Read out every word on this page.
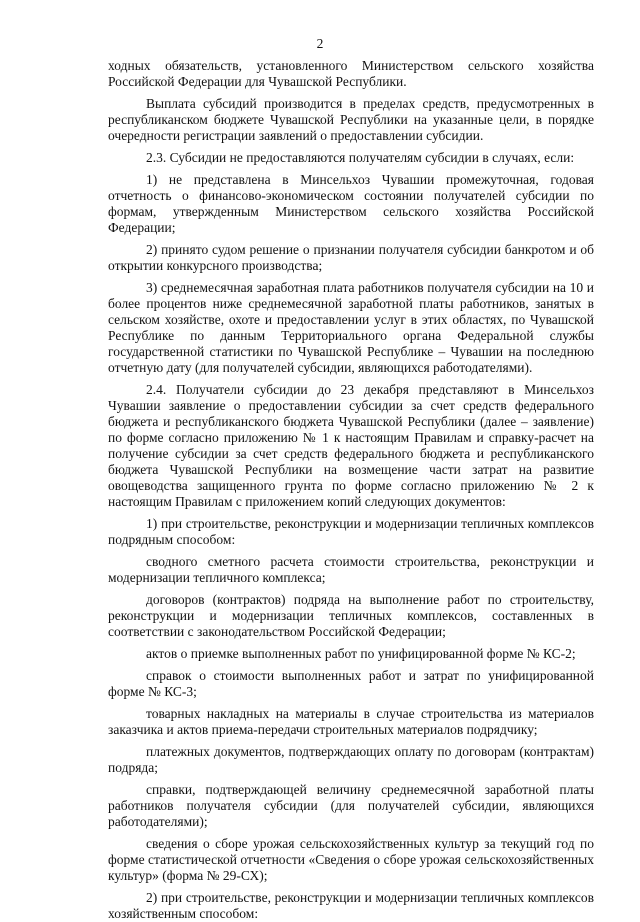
2

ходных обязательств, установленного Министерством сельского хозяйства Российской Федерации для Чувашской Республики.

Выплата субсидий производится в пределах средств, предусмотренных в республиканском бюджете Чувашской Республики на указанные цели, в порядке очередности регистрации заявлений о предоставлении субсидии.

2.3. Субсидии не предоставляются получателям субсидии в случаях, если:

1) не представлена в Минсельхоз Чувашии промежуточная, годовая отчетность о финансово-экономическом состоянии получателей субсидии по формам, утвержденным Министерством сельского хозяйства Российской Федерации;

2) принято судом решение о признании получателя субсидии банкротом и об открытии конкурсного производства;

3) среднемесячная заработная плата работников получателя субсидии на 10 и более процентов ниже среднемесячной заработной платы работников, занятых в сельском хозяйстве, охоте и предоставлении услуг в этих областях, по Чувашской Республике по данным Территориального органа Федеральной службы государственной статистики по Чувашской Республике – Чувашии на последнюю отчетную дату (для получателей субсидии, являющихся работодателями).

2.4. Получатели субсидии до 23 декабря представляют в Минсельхоз Чувашии заявление о предоставлении субсидии за счет средств федерального бюджета и республиканского бюджета Чувашской Республики (далее – заявление) по форме согласно приложению № 1 к настоящим Правилам и справку-расчет на получение субсидии за счет средств федерального бюджета и республиканского бюджета Чувашской Республики на возмещение части затрат на развитие овощеводства защищенного грунта по форме согласно приложению № 2 к настоящим Правилам с приложением копий следующих документов:

1) при строительстве, реконструкции и модернизации тепличных комплексов подрядным способом:

сводного сметного расчета стоимости строительства, реконструкции и модернизации тепличного комплекса;

договоров (контрактов) подряда на выполнение работ по строительству, реконструкции и модернизации тепличных комплексов, составленных в соответствии с законодательством Российской Федерации;

актов о приемке выполненных работ по унифицированной форме № КС-2;

справок о стоимости выполненных работ и затрат по унифицированной форме № КС-3;

товарных накладных на материалы в случае строительства из материалов заказчика и актов приема-передачи строительных материалов подрядчику;

платежных документов, подтверждающих оплату по договорам (контрактам) подряда;

справки, подтверждающей величину среднемесячной заработной платы работников получателя субсидии (для получателей субсидии, являющихся работодателями);

сведения о сборе урожая сельскохозяйственных культур за текущий год по форме статистической отчетности «Сведения о сборе урожая сельскохозяйственных культур» (форма № 29-СХ);

2) при строительстве, реконструкции и модернизации тепличных комплексов хозяйственным способом:
